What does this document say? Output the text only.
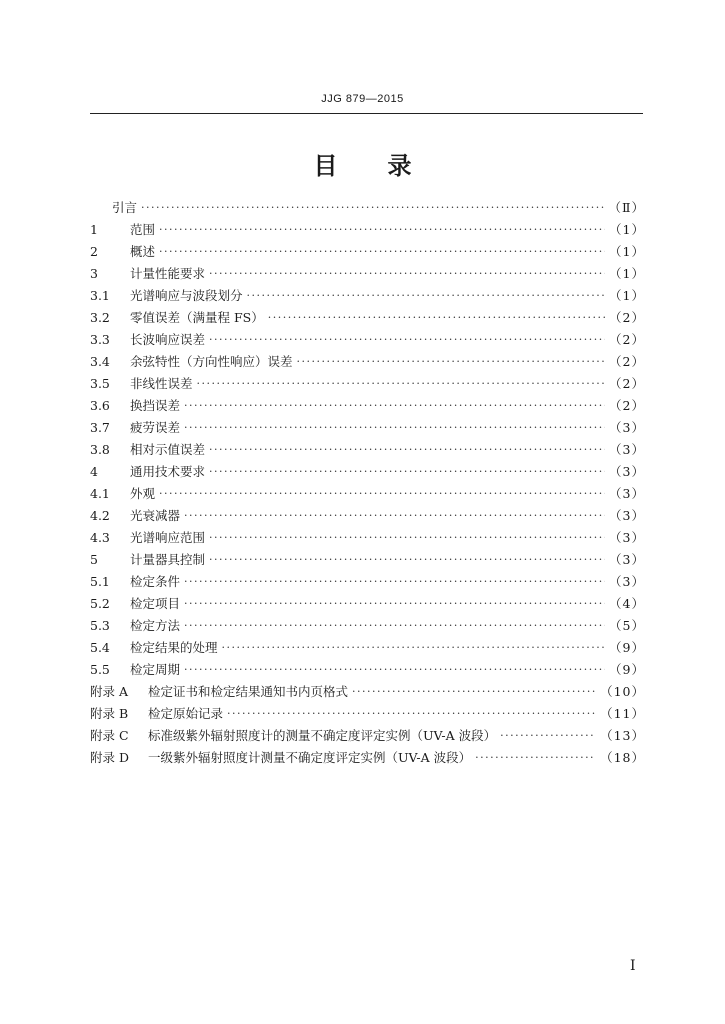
JJG 879—2015
目 录
引言 ·····	（Ⅱ）
1	范围 ·····	（1）
2	概述 ·····	（1）
3	计量性能要求 ·····	（1）
3.1	光谱响应与波段划分 ·····	（1）
3.2	零值误差（满量程 FS） ·····	（2）
3.3	长波响应误差 ·····	（2）
3.4	余弦特性（方向性响应）误差 ·····	（2）
3.5	非线性误差 ·····	（2）
3.6	换挡误差 ·····	（2）
3.7	疲劳误差 ·····	（3）
3.8	相对示值误差 ·····	（3）
4	通用技术要求 ·····	（3）
4.1	外观 ·····	（3）
4.2	光衰减器 ·····	（3）
4.3	光谱响应范围 ·····	（3）
5	计量器具控制 ·····	（3）
5.1	检定条件 ·····	（3）
5.2	检定项目 ·····	（4）
5.3	检定方法 ·····	（5）
5.4	检定结果的处理 ·····	（9）
5.5	检定周期 ·····	（9）
附录 A	检定证书和检定结果通知书内页格式 ·····	（10）
附录 B	检定原始记录 ·····	（11）
附录 C	标准级紫外辐射照度计的测量不确定度评定实例（UV-A 波段） ·····	（13）
附录 D	一级紫外辐射照度计测量不确定度评定实例（UV-A 波段） ·····	（18）
I
